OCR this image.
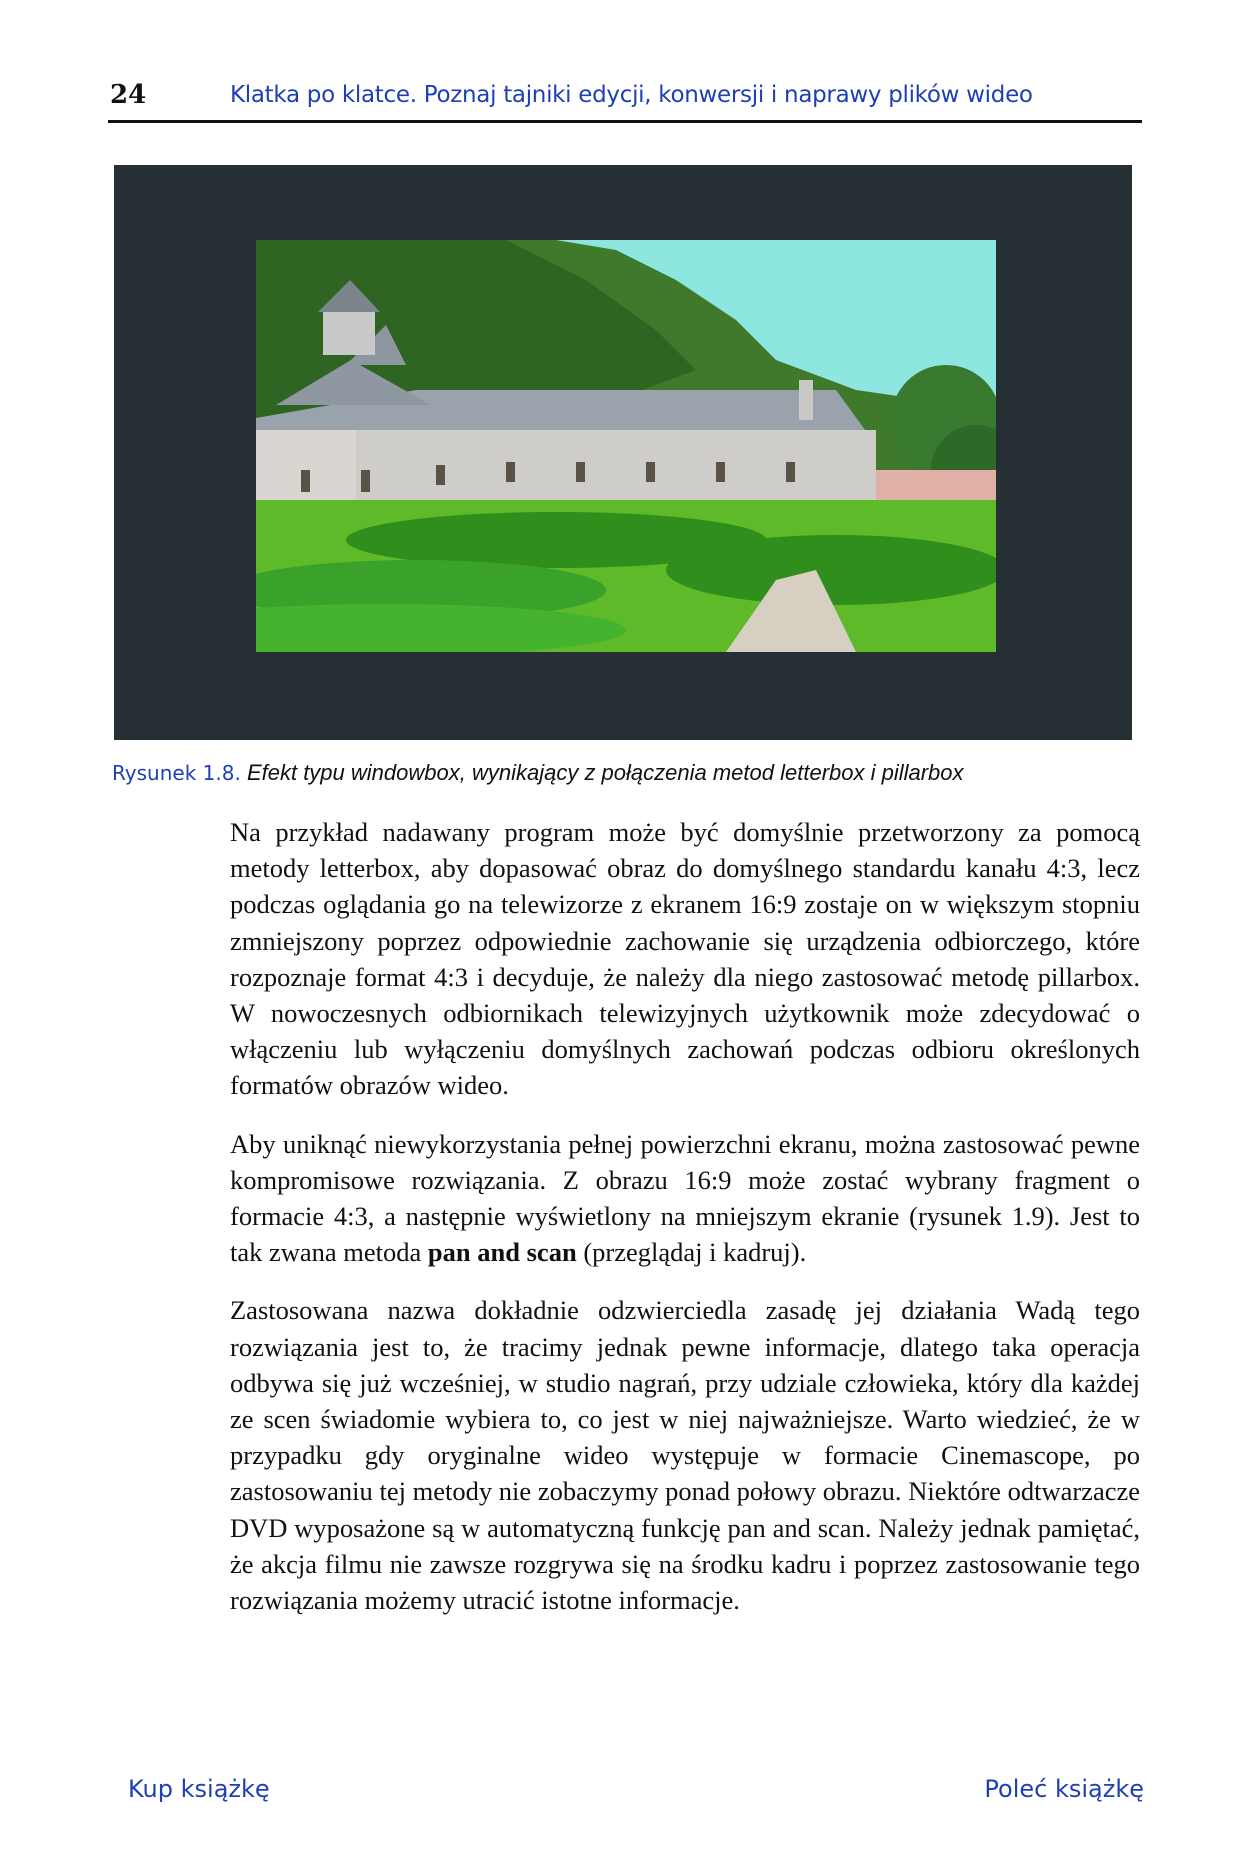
24	Klatka po klatce. Poznaj tajniki edycji, konwersji i naprawy plików wideo
Rysunek 1.8. Efekt typu windowbox, wynikający z połączenia metod letterbox i pillarbox

Na przykład nadawany program może być domyślnie przetworzony za pomocą metody letterbox, aby dopasować obraz do domyślnego standardu kanału 4:3, lecz podczas oglądania go na telewizorze z ekranem 16:9 zostaje on w większym stopniu zmniejszony poprzez odpowiednie zachowanie się urządzenia odbiorczego, które rozpoznaje format 4:3 i decyduje, że należy dla niego zastosować metodę pillarbox. W nowoczesnych odbiornikach telewizyjnych użytkownik może zdecydować o włączeniu lub wyłączeniu domyślnych zachowań podczas odbioru określonych formatów obrazów wideo.

Aby uniknąć niewykorzystania pełnej powierzchni ekranu, można zastosować pewne kompromisowe rozwiązania. Z obrazu 16:9 może zostać wybrany fragment o formacie 4:3, a następnie wyświetlony na mniejszym ekranie (rysunek 1.9). Jest to tak zwana metoda pan and scan (przeglądaj i kadruj).

Zastosowana nazwa dokładnie odzwierciedla zasadę jej działania Wadą tego rozwiązania jest to, że tracimy jednak pewne informacje, dlatego taka operacja odbywa się już wcześniej, w studio nagrań, przy udziale człowieka, który dla każdej ze scen świadomie wybiera to, co jest w niej najważniejsze. Warto wiedzieć, że w przypadku gdy oryginalne wideo występuje w formacie Cinemascope, po zastosowaniu tej metody nie zobaczymy ponad połowy obrazu. Niektóre odtwarzacze DVD wyposażone są w automatyczną funkcję pan and scan. Należy jednak pamiętać, że akcja filmu nie zawsze rozgrywa się na środku kadru i poprzez zastosowanie tego rozwiązania możemy utracić istotne informacje.

Kup książkę	Poleć książkę
